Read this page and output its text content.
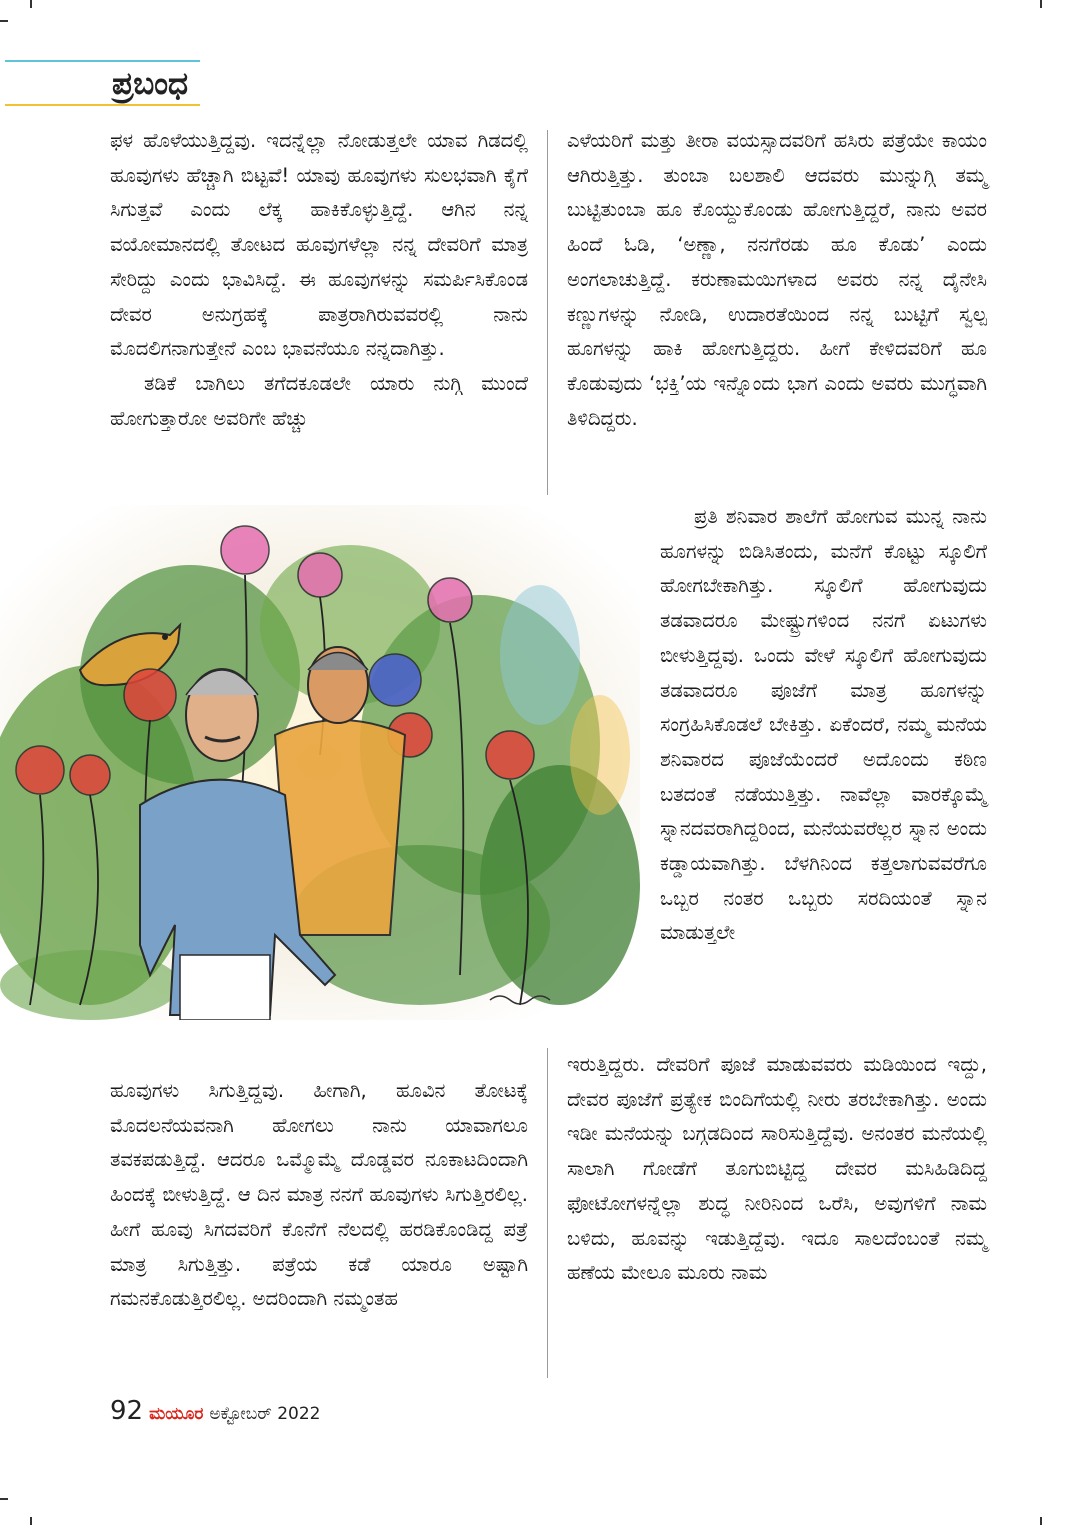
ಪ್ರಬಂಧ

ಫಳ ಹೊಳೆಯುತ್ತಿದ್ದವು. ಇದನ್ನೆಲ್ಲಾ ನೋಡುತ್ತಲೇ ಯಾವ ಗಿಡದಲ್ಲಿ ಹೂವುಗಳು ಹೆಚ್ಚಾಗಿ ಬಿಟ್ಟವೆ! ಯಾವು ಹೂವುಗಳು ಸುಲಭವಾಗಿ ಕೈಗೆ ಸಿಗುತ್ತವೆ ಎಂದು ಲೆಕ್ಕ ಹಾಕಿಕೊಳ್ಳುತ್ತಿದ್ದೆ. ಆಗಿನ ನನ್ನ ವಯೋಮಾನದಲ್ಲಿ ತೋಟದ ಹೂವುಗಳೆಲ್ಲಾ ನನ್ನ ದೇವರಿಗೆ ಮಾತ್ರ ಸೇರಿದ್ದು ಎಂದು ಭಾವಿಸಿದ್ದೆ. ಈ ಹೂವುಗಳನ್ನು ಸಮರ್ಪಿಸಿಕೊಂಡ ದೇವರ ಅನುಗ್ರಹಕ್ಕೆ ಪಾತ್ರರಾಗಿರುವವರಲ್ಲಿ ನಾನು ಮೊದಲಿಗನಾಗುತ್ತೇನೆ ಎಂಬ ಭಾವನೆಯೂ ನನ್ನದಾಗಿತ್ತು.

ತಡಿಕೆ ಬಾಗಿಲು ತಗೆದಕೂಡಲೇ ಯಾರು ನುಗ್ಗಿ ಮುಂದೆ ಹೋಗುತ್ತಾರೋ ಅವರಿಗೇ ಹೆಚ್ಚು

ಎಳೆಯರಿಗೆ ಮತ್ತು ತೀರಾ ವಯಸ್ಸಾದವರಿಗೆ ಹಸಿರು ಪತ್ರೆಯೇ ಕಾಯಂ ಆಗಿರುತ್ತಿತ್ತು. ತುಂಬಾ ಬಲಶಾಲಿ ಆದವರು ಮುನ್ನುಗ್ಗಿ ತಮ್ಮ ಬುಟ್ಟಿತುಂಬಾ ಹೂ ಕೊಯ್ದುಕೊಂಡು ಹೋಗುತ್ತಿದ್ದರೆ, ನಾನು ಅವರ ಹಿಂದೆ ಓಡಿ, ‘ಅಣ್ಣಾ, ನನಗೆರಡು ಹೂ ಕೊಡು’ ಎಂದು ಅಂಗಲಾಚುತ್ತಿದ್ದೆ. ಕರುಣಾಮಯಿಗಳಾದ ಅವರು ನನ್ನ ದೈನೇಸಿ ಕಣ್ಣುಗಳನ್ನು ನೋಡಿ, ಉದಾರತೆಯಿಂದ ನನ್ನ ಬುಟ್ಟಿಗೆ ಸ್ವಲ್ಪ ಹೂಗಳನ್ನು ಹಾಕಿ ಹೋಗುತ್ತಿದ್ದರು. ಹೀಗೆ ಕೇಳಿದವರಿಗೆ ಹೂ ಕೊಡುವುದು ‘ಭಕ್ತಿ’ಯ ಇನ್ನೊಂದು ಭಾಗ ಎಂದು ಅವರು ಮುಗ್ಧವಾಗಿ ತಿಳಿದಿದ್ದರು.

ಪ್ರತಿ ಶನಿವಾರ ಶಾಲೆಗೆ ಹೋಗುವ ಮುನ್ನ ನಾನು ಹೂಗಳನ್ನು ಬಿಡಿಸಿತಂದು, ಮನೆಗೆ ಕೊಟ್ಟು ಸ್ಕೂಲಿಗೆ ಹೋಗಬೇಕಾಗಿತ್ತು. ಸ್ಕೂಲಿಗೆ ಹೋಗುವುದು ತಡವಾದರೂ ಮೇಷ್ಟ್ರುಗಳಿಂದ ನನಗೆ ಏಟುಗಳು ಬೀಳುತ್ತಿದ್ದವು. ಒಂದು ವೇಳೆ ಸ್ಕೂಲಿಗೆ ಹೋಗುವುದು ತಡವಾದರೂ ಪೂಜೆಗೆ ಮಾತ್ರ ಹೂಗಳನ್ನು ಸಂಗ್ರಹಿಸಿಕೊಡಲೆ ಬೇಕಿತ್ತು. ಏಕೆಂದರೆ, ನಮ್ಮ ಮನೆಯ ಶನಿವಾರದ ಪೂಜೆಯೆಂದರೆ ಅದೊಂದು ಕಠಿಣ ಬತದಂತೆ ನಡೆಯುತ್ತಿತ್ತು. ನಾವೆಲ್ಲಾ ವಾರಕ್ಕೊಮ್ಮೆ ಸ್ನಾನದವರಾಗಿದ್ದರಿಂದ, ಮನೆಯವರೆಲ್ಲರ ಸ್ನಾನ ಅಂದು ಕಡ್ಡಾಯವಾಗಿತ್ತು. ಬೆಳಗಿನಿಂದ ಕತ್ತಲಾಗುವವರೆಗೂ ಒಬ್ಬರ ನಂತರ ಒಬ್ಬರು ಸರದಿಯಂತೆ ಸ್ನಾನ ಮಾಡುತ್ತಲೇ

ಇರುತ್ತಿದ್ದರು. ದೇವರಿಗೆ ಪೂಜೆ ಮಾಡುವವರು ಮಡಿಯಿಂದ ಇದ್ದು, ದೇವರ ಪೂಜೆಗೆ ಪ್ರತ್ಯೇಕ ಬಿಂದಿಗೆಯಲ್ಲಿ ನೀರು ತರಬೇಕಾಗಿತ್ತು. ಅಂದು ಇಡೀ ಮನೆಯನ್ನು ಬಗ್ಗಡದಿಂದ ಸಾರಿಸುತ್ತಿದ್ದೆವು. ಅನಂತರ ಮನೆಯಲ್ಲಿ ಸಾಲಾಗಿ ಗೋಡೆಗೆ ತೂಗುಬಿಟ್ಟಿದ್ದ ದೇವರ ಮಸಿಹಿಡಿದಿದ್ದ ಫೋಟೋಗಳನ್ನೆಲ್ಲಾ ಶುದ್ಧ ನೀರಿನಿಂದ ಒರೆಸಿ, ಅವುಗಳಿಗೆ ನಾಮ ಬಳಿದು, ಹೂವನ್ನು ಇಡುತ್ತಿದ್ದೆವು. ಇದೂ ಸಾಲದೆಂಬಂತೆ ನಮ್ಮ ಹಣೆಯ ಮೇಲೂ ಮೂರು ನಾಮ

ಹೂವುಗಳು ಸಿಗುತ್ತಿದ್ದವು. ಹೀಗಾಗಿ, ಹೂವಿನ ತೋಟಕ್ಕೆ ಮೊದಲನೆಯವನಾಗಿ ಹೋಗಲು ನಾನು ಯಾವಾಗಲೂ ತವಕಪಡುತ್ತಿದ್ದೆ. ಆದರೂ ಒಮ್ಮೊಮ್ಮೆ ದೊಡ್ಡವರ ನೂಕಾಟದಿಂದಾಗಿ ಹಿಂದಕ್ಕೆ ಬೀಳುತ್ತಿದ್ದೆ. ಆ ದಿನ ಮಾತ್ರ ನನಗೆ ಹೂವುಗಳು ಸಿಗುತ್ತಿರಲಿಲ್ಲ. ಹೀಗೆ ಹೂವು ಸಿಗದವರಿಗೆ ಕೊನೆಗೆ ನೆಲದಲ್ಲಿ ಹರಡಿಕೊಂಡಿದ್ದ ಪತ್ರೆ ಮಾತ್ರ ಸಿಗುತ್ತಿತ್ತು. ಪತ್ರೆಯ ಕಡೆ ಯಾರೂ ಅಷ್ಟಾಗಿ ಗಮನಕೊಡುತ್ತಿರಲಿಲ್ಲ. ಅದರಿಂದಾಗಿ ನಮ್ಮಂತಹ

92 ಮಯೂರ ಅಕ್ಟೋಬರ್ 2022
